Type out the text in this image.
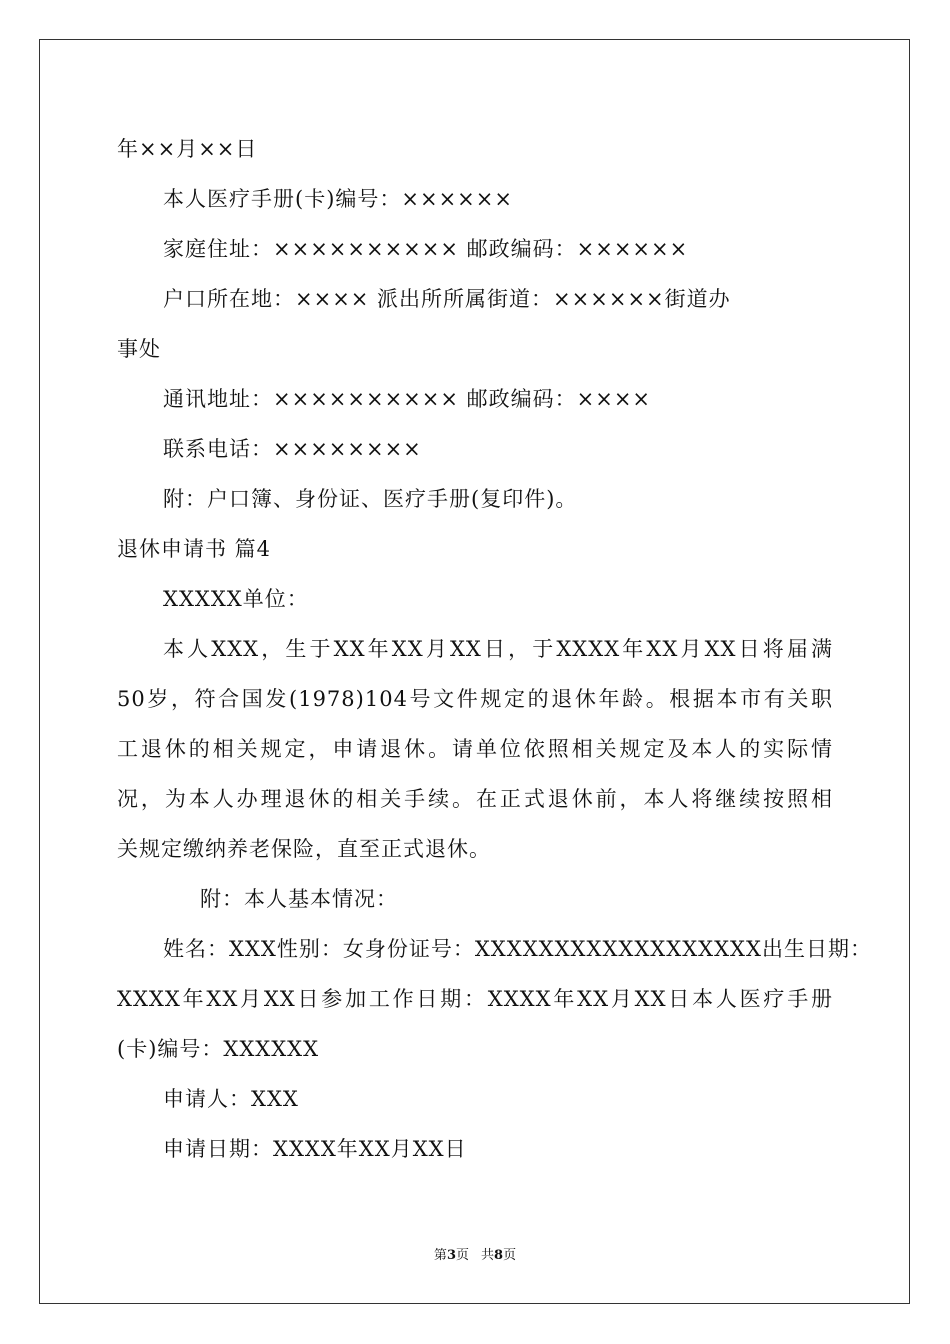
年××月××日
本人医疗手册(卡)编号：××××××
家庭住址：×××××××××× 邮政编码：××××××
户口所在地：×××× 派出所所属街道：××××××街道办
事处
通讯地址：×××××××××× 邮政编码：××××
联系电话：××××××××
附：户口簿、身份证、医疗手册(复印件)。
退休申请书 篇4
XXXXX单位：
本人XXX，生于XX年XX月XX日，于XXXX年XX月XX日将届满
50岁，符合国发(1978)104号文件规定的退休年龄。根据本市有关职
工退休的相关规定，申请退休。请单位依照相关规定及本人的实际情
况，为本人办理退休的相关手续。在正式退休前，本人将继续按照相
关规定缴纳养老保险，直至正式退休。
附：本人基本情况：
姓名：XXX性别：女身份证号：XXXXXXXXXXXXXXXXXX出生日期：
XXXX年XX月XX日参加工作日期：XXXX年XX月XX日本人医疗手册
(卡)编号：XXXXXX
申请人：XXX
申请日期：XXXX年XX月XX日
第3页 共8页
